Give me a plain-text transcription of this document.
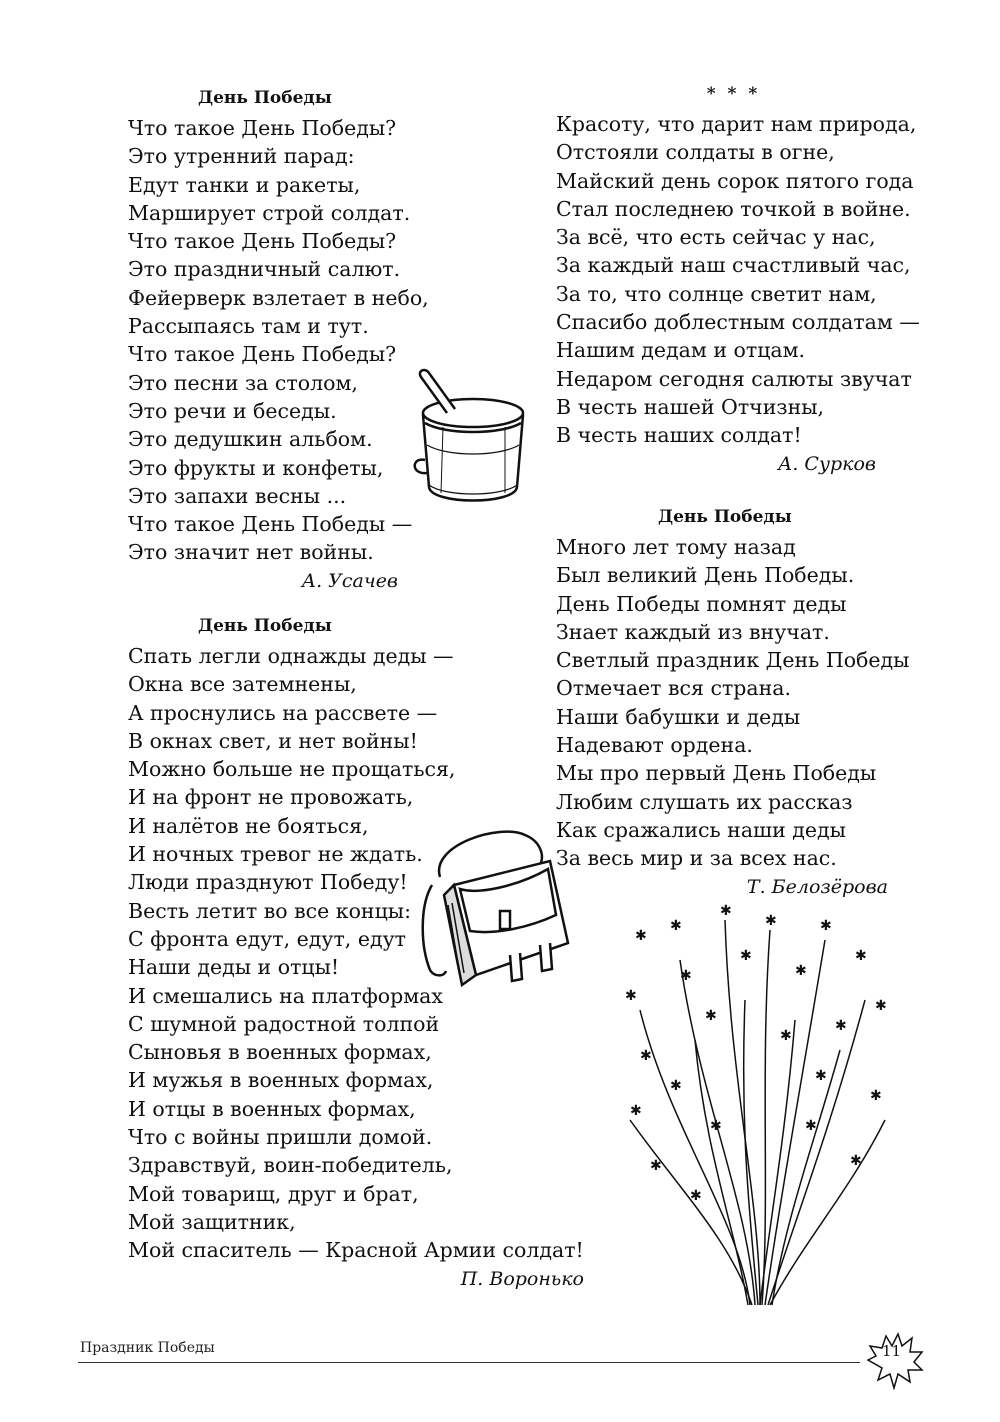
День Победы
Что такое День Победы?
Это утренний парад:
Едут танки и ракеты,
Марширует строй солдат.
Что такое День Победы?
Это праздничный салют.
Фейерверк взлетает в небо,
Рассыпаясь там и тут.
Что такое День Победы?
Это песни за столом,
Это речи и беседы.
Это дедушкин альбом.
Это фрукты и конфеты,
Это запахи весны ...
Что такое День Победы —
Это значит нет войны.
А. Усачев
День Победы
Спать легли однажды деды —
Окна все затемнены,
А проснулись на рассвете —
В окнах свет, и нет войны!
Можно больше не прощаться,
И на фронт не провожать,
И налётов не бояться,
И ночных тревог не ждать.
Люди празднуют Победу!
Весть летит во все концы:
С фронта едут, едут, едут
Наши деды и отцы!
И смешались на платформах
С шумной радостной толпой
Сыновья в военных формах,
И мужья в военных формах,
И отцы в военных формах,
Что с войны пришли домой.
Здравствуй, воин-победитель,
Мой товарищ, друг и брат,
Мой защитник,
Мой спаситель — Красной Армии солдат!
П. Воронько
* * *
Красоту, что дарит нам природа,
Отстояли солдаты в огне,
Майский день сорок пятого года
Стал последнею точкой в войне.
За всё, что есть сейчас у нас,
За каждый наш счастливый час,
За то, что солнце светит нам,
Спасибо доблестным солдатам —
Нашим дедам и отцам.
Недаром сегодня салюты звучат
В честь нашей Отчизны,
В честь наших солдат!
А. Сурков
День Победы
Много лет тому назад
Был великий День Победы.
День Победы помнят деды
Знает каждый из внучат.
Светлый праздник День Победы
Отмечает вся страна.
Наши бабушки и деды
Надевают ордена.
Мы про первый День Победы
Любим слушать их рассказ
Как сражались наши деды
За весь мир и за всех нас.
Т. Белозёрова
✱
✱
✱
✱	✱
✱
✱
✱	✱
✱
✱
✱
✱
✱
✱
✱
✱
✱
✱	✱
✱
✱	✱
✱
Праздник Победы	11
